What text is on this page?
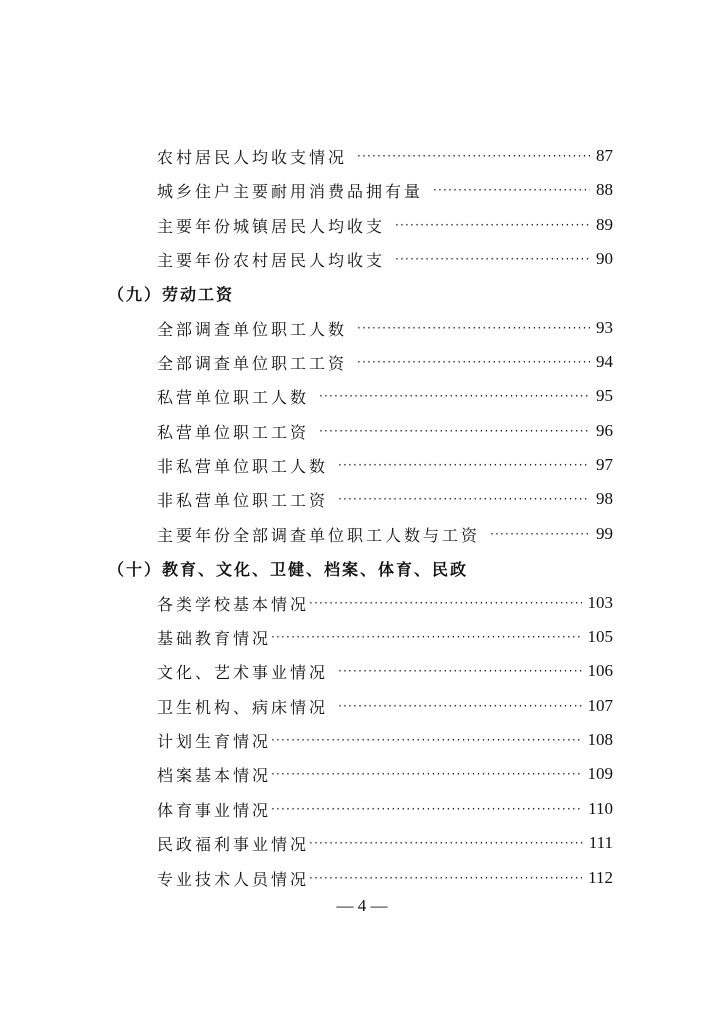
农村居民人均收支情况 ·····	87
城乡住户主要耐用消费品拥有量 ·····	88
主要年份城镇居民人均收支 ·····	89
主要年份农村居民人均收支 ·····	90
（九）劳动工资
全部调查单位职工人数 ·····	93
全部调查单位职工工资 ·····	94
私营单位职工人数 ·····	95
私营单位职工工资 ·····	96
非私营单位职工人数 ·····	97
非私营单位职工工资 ·····	98
主要年份全部调查单位职工人数与工资 ·····	99
（十）教育、文化、卫健、档案、体育、民政
各类学校基本情况 ·····	103
基础教育情况 ·····	105
文化、艺术事业情况 ·····	106
卫生机构、病床情况 ·····	107
计划生育情况 ·····	108
档案基本情况 ·····	109
体育事业情况 ·····	110
民政福利事业情况 ·····	111
专业技术人员情况 ·····	112
— 4 —
